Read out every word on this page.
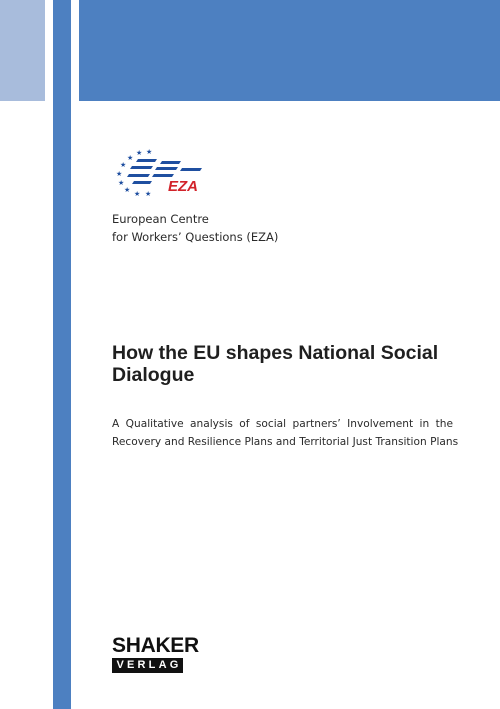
★ ★
★
★
★
★
★ ★ ★ EZA
European Centre
for Workers’ Questions (EZA)
How the EU shapes National Social
Dialogue
A Qualitative analysis of social partners’ Involvement in the
Recovery and Resilience Plans and Territorial Just Transition Plans
SHAKER
VERLAG
